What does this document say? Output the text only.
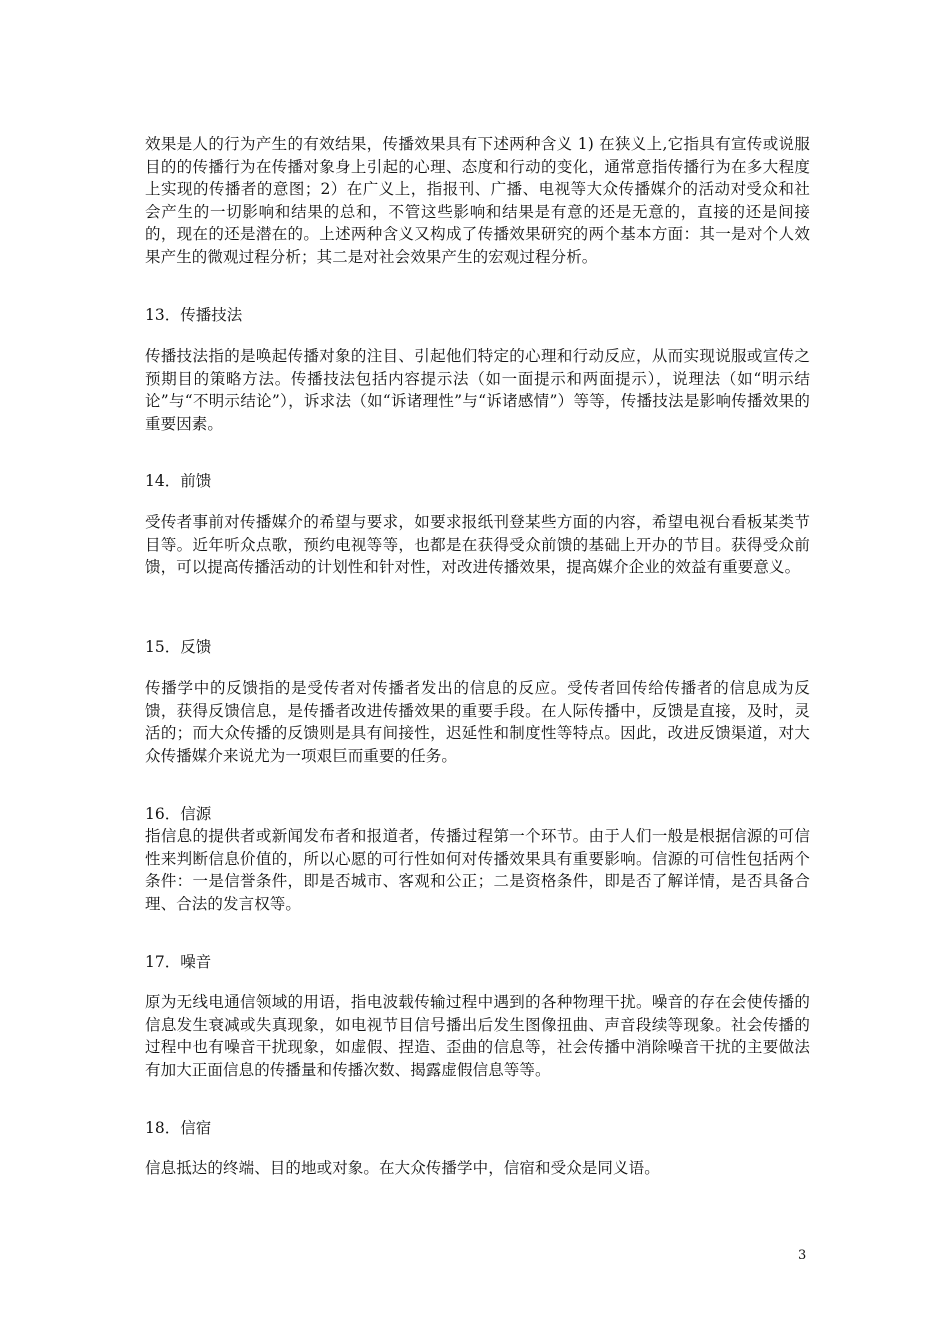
效果是人的行为产生的有效结果，传播效果具有下述两种含义 1) 在狭义上,它指具有宣传或说服目的的传播行为在传播对象身上引起的心理、态度和行动的变化，通常意指传播行为在多大程度上实现的传播者的意图；2）在广义上，指报刊、广播、电视等大众传播媒介的活动对受众和社会产生的一切影响和结果的总和，不管这些影响和结果是有意的还是无意的，直接的还是间接的，现在的还是潜在的。上述两种含义又构成了传播效果研究的两个基本方面：其一是对个人效果产生的微观过程分析；其二是对社会效果产生的宏观过程分析。

13．传播技法

传播技法指的是唤起传播对象的注目、引起他们特定的心理和行动反应，从而实现说服或宣传之预期目的策略方法。传播技法包括内容提示法（如一面提示和两面提示），说理法（如“明示结论”与“不明示结论”），诉求法（如“诉诸理性”与“诉诸感情”）等等，传播技法是影响传播效果的重要因素。

14．前馈

受传者事前对传播媒介的希望与要求，如要求报纸刊登某些方面的内容，希望电视台看板某类节目等。近年听众点歌，预约电视等等，也都是在获得受众前馈的基础上开办的节目。获得受众前馈，可以提高传播活动的计划性和针对性，对改进传播效果，提高媒介企业的效益有重要意义。

15．反馈

传播学中的反馈指的是受传者对传播者发出的信息的反应。受传者回传给传播者的信息成为反馈，获得反馈信息，是传播者改进传播效果的重要手段。在人际传播中，反馈是直接，及时，灵活的；而大众传播的反馈则是具有间接性，迟延性和制度性等特点。因此，改进反馈渠道，对大众传播媒介来说尤为一项艰巨而重要的任务。

16．信源

指信息的提供者或新闻发布者和报道者，传播过程第一个环节。由于人们一般是根据信源的可信性来判断信息价值的，所以心愿的可行性如何对传播效果具有重要影响。信源的可信性包括两个条件：一是信誉条件，即是否城市、客观和公正；二是资格条件，即是否了解详情，是否具备合理、合法的发言权等。

17．噪音

原为无线电通信领域的用语，指电波载传输过程中遇到的各种物理干扰。噪音的存在会使传播的信息发生衰减或失真现象，如电视节目信号播出后发生图像扭曲、声音段续等现象。社会传播的过程中也有噪音干扰现象，如虚假、捏造、歪曲的信息等，社会传播中消除噪音干扰的主要做法有加大正面信息的传播量和传播次数、揭露虚假信息等等。

18．信宿

信息抵达的终端、目的地或对象。在大众传播学中，信宿和受众是同义语。

3
